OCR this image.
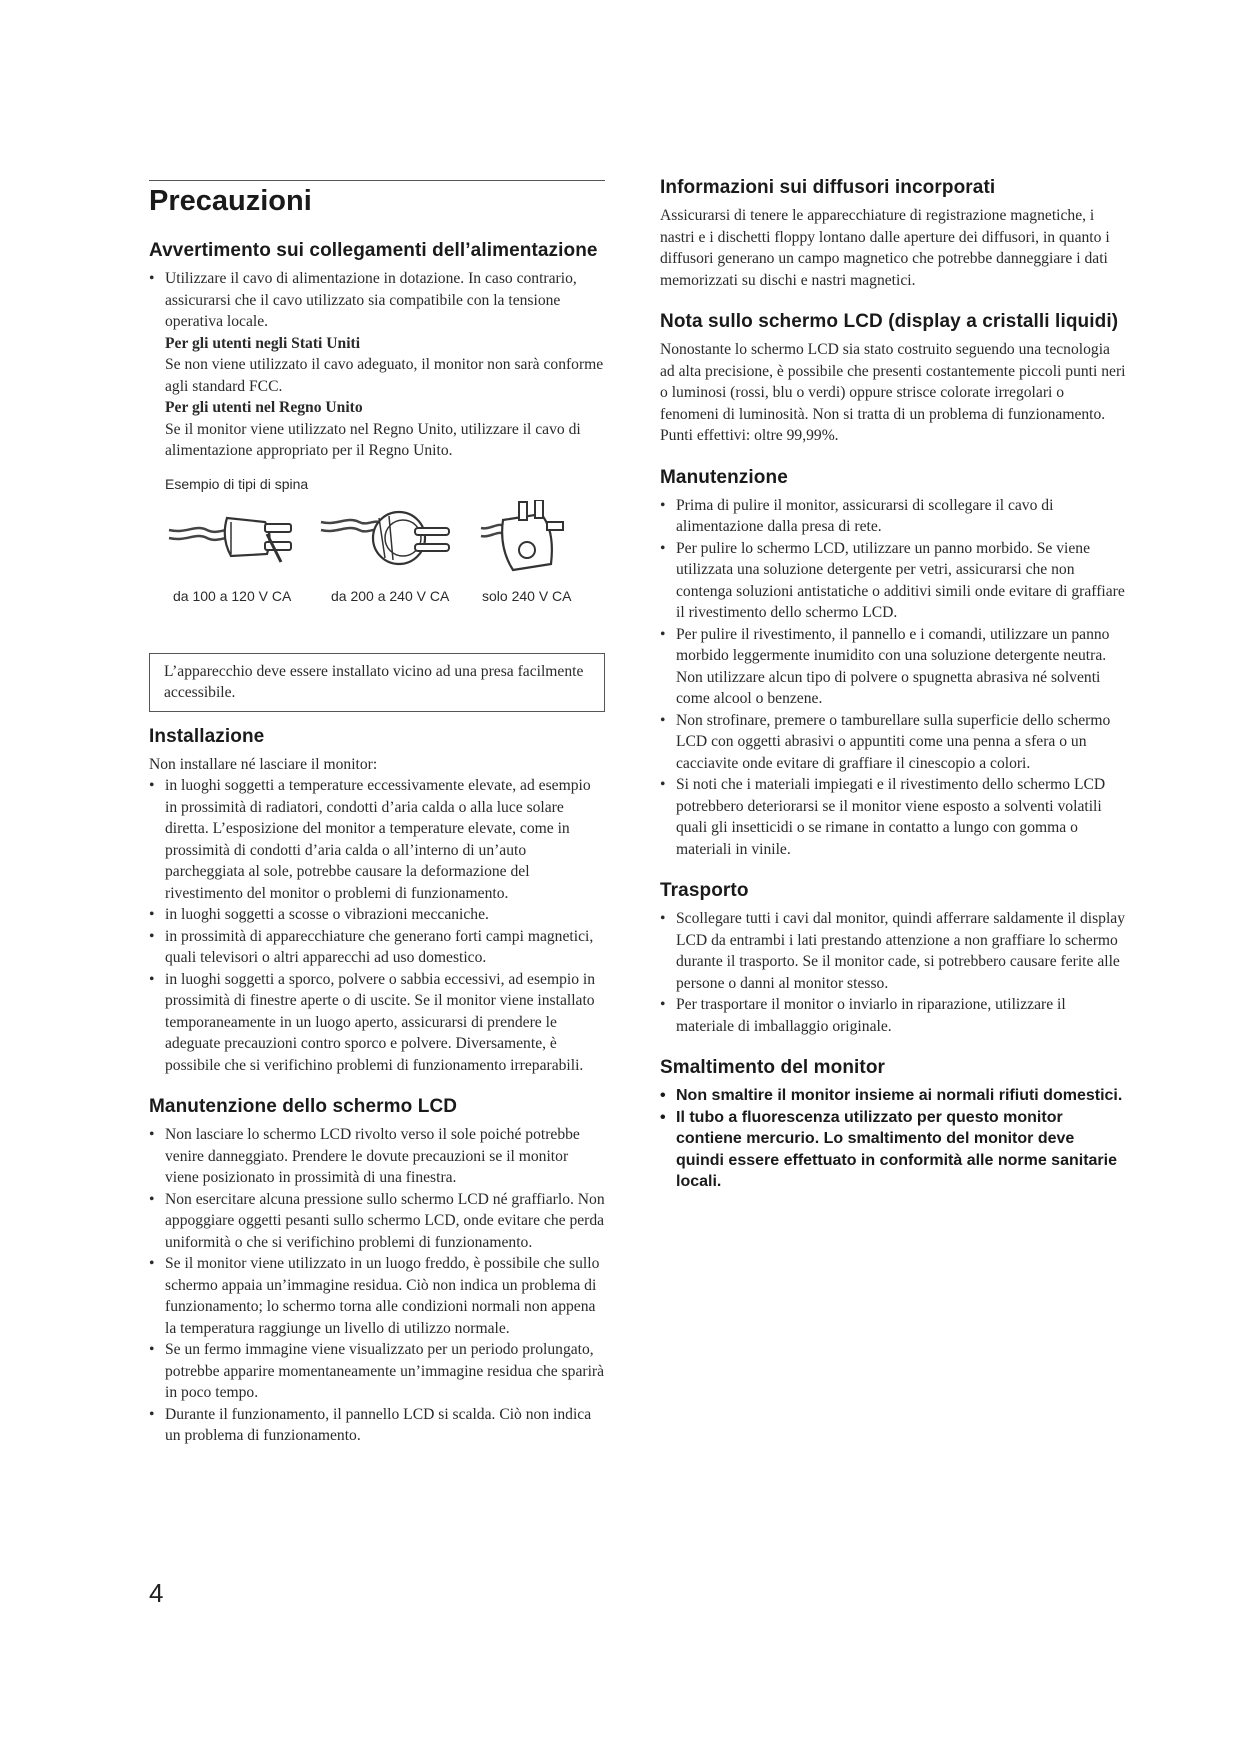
Precauzioni
Avvertimento sui collegamenti dell’alimentazione
• Utilizzare il cavo di alimentazione in dotazione. In caso contrario, assicurarsi che il cavo utilizzato sia compatibile con la tensione operativa locale.
Per gli utenti negli Stati Uniti
Se non viene utilizzato il cavo adeguato, il monitor non sarà conforme agli standard FCC.
Per gli utenti nel Regno Unito
Se il monitor viene utilizzato nel Regno Unito, utilizzare il cavo di alimentazione appropriato per il Regno Unito.
Esempio di tipi di spina
da 100 a 120 V CA	da 200 a 240 V CA solo 240 V CA

L’apparecchio deve essere installato vicino ad una presa facilmente accessibile.

Installazione

Non installare né lasciare il monitor:

• in luoghi soggetti a temperature eccessivamente elevate, ad esempio in prossimità di radiatori, condotti d’aria calda o alla luce solare diretta. L’esposizione del monitor a temperature elevate, come in prossimità di condotti d’aria calda o all’interno di un’auto parcheggiata al sole, potrebbe causare la deformazione del rivestimento del monitor o problemi di funzionamento.
• in luoghi soggetti a scosse o vibrazioni meccaniche.
• in prossimità di apparecchiature che generano forti campi magnetici, quali televisori o altri apparecchi ad uso domestico.
• in luoghi soggetti a sporco, polvere o sabbia eccessivi, ad esempio in prossimità di finestre aperte o di uscite. Se il monitor viene installato temporaneamente in un luogo aperto, assicurarsi di prendere le adeguate precauzioni contro sporco e polvere. Diversamente, è possibile che si verifichino problemi di funzionamento irreparabili.
Manutenzione dello schermo LCD
• Non lasciare lo schermo LCD rivolto verso il sole poiché potrebbe venire danneggiato. Prendere le dovute precauzioni se il monitor viene posizionato in prossimità di una finestra.
• Non esercitare alcuna pressione sullo schermo LCD né graffiarlo. Non appoggiare oggetti pesanti sullo schermo LCD, onde evitare che perda uniformità o che si verifichino problemi di funzionamento.
• Se il monitor viene utilizzato in un luogo freddo, è possibile che sullo schermo appaia un’immagine residua. Ciò non indica un problema di funzionamento; lo schermo torna alle condizioni normali non appena la temperatura raggiunge un livello di utilizzo normale.
• Se un fermo immagine viene visualizzato per un periodo prolungato, potrebbe apparire momentaneamente un’immagine residua che sparirà in poco tempo.
• Durante il funzionamento, il pannello LCD si scalda. Ciò non indica un problema di funzionamento.
Informazioni sui diffusori incorporati

Assicurarsi di tenere le apparecchiature di registrazione magnetiche, i nastri e i dischetti floppy lontano dalle aperture dei diffusori, in quanto i diffusori generano un campo magnetico che potrebbe danneggiare i dati memorizzati su dischi e nastri magnetici.

Nota sullo schermo LCD (display a cristalli liquidi)

Nonostante lo schermo LCD sia stato costruito seguendo una tecnologia ad alta precisione, è possibile che presenti costantemente piccoli punti neri o luminosi (rossi, blu o verdi) oppure strisce colorate irregolari o fenomeni di luminosità. Non si tratta di un problema di funzionamento.

Punti effettivi: oltre 99,99%.

Manutenzione
• Prima di pulire il monitor, assicurarsi di scollegare il cavo di alimentazione dalla presa di rete.
• Per pulire lo schermo LCD, utilizzare un panno morbido. Se viene utilizzata una soluzione detergente per vetri, assicurarsi che non contenga soluzioni antistatiche o additivi simili onde evitare di graffiare il rivestimento dello schermo LCD.
• Per pulire il rivestimento, il pannello e i comandi, utilizzare un panno morbido leggermente inumidito con una soluzione detergente neutra. Non utilizzare alcun tipo di polvere o spugnetta abrasiva né solventi come alcool o benzene.
• Non strofinare, premere o tamburellare sulla superficie dello schermo LCD con oggetti abrasivi o appuntiti come una penna a sfera o un cacciavite onde evitare di graffiare il cinescopio a colori.
• Si noti che i materiali impiegati e il rivestimento dello schermo LCD potrebbero deteriorarsi se il monitor viene esposto a solventi volatili quali gli insetticidi o se rimane in contatto a lungo con gomma o materiali in vinile.
Trasporto
• Scollegare tutti i cavi dal monitor, quindi afferrare saldamente il display LCD da entrambi i lati prestando attenzione a non graffiare lo schermo durante il trasporto. Se il monitor cade, si potrebbero causare ferite alle persone o danni al monitor stesso.
• Per trasportare il monitor o inviarlo in riparazione, utilizzare il materiale di imballaggio originale.
Smaltimento del monitor
• Non smaltire il monitor insieme ai normali rifiuti domestici.
• Il tubo a fluorescenza utilizzato per questo monitor contiene mercurio. Lo smaltimento del monitor deve quindi essere effettuato in conformità alle norme sanitarie locali.
4
